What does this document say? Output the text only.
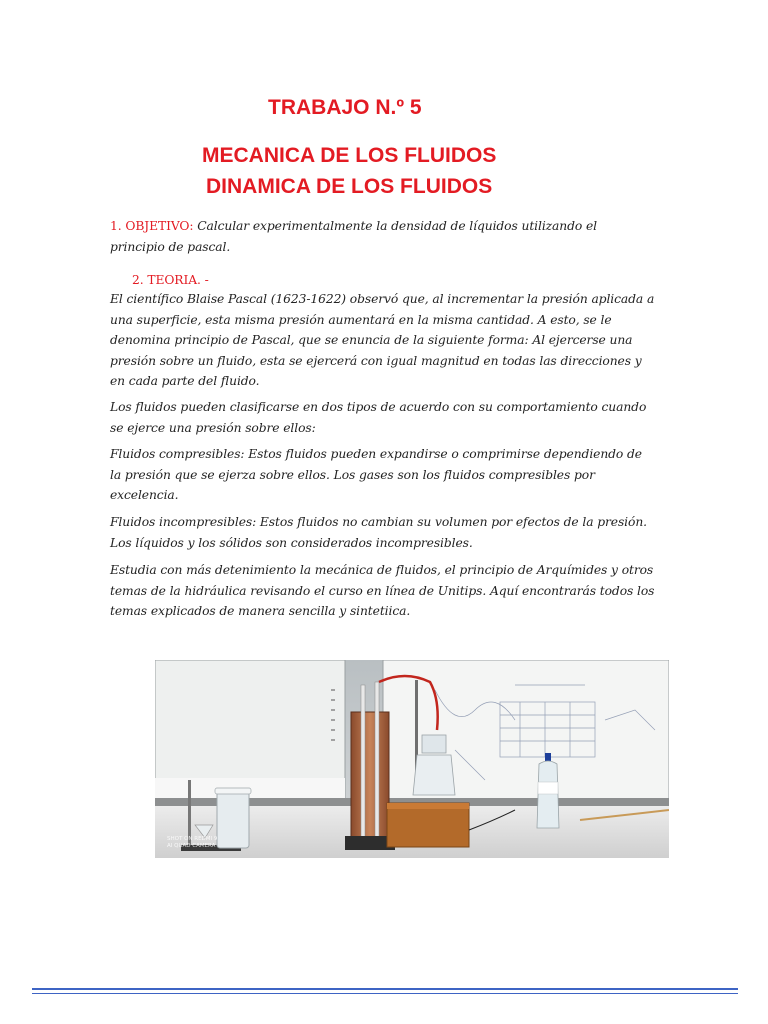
TRABAJO N.º 5
MECANICA DE LOS FLUIDOS
DINAMICA DE LOS FLUIDOS

1. OBJETIVO: Calcular experimentalmente la densidad de líquidos utilizando el principio de pascal.

2. TEORIA. -

El científico Blaise Pascal (1623-1622) observó que, al incrementar la presión aplicada a una superficie, esta misma presión aumentará en la misma cantidad. A esto, se le denomina principio de Pascal, que se enuncia de la siguiente forma: Al ejercerse una presión sobre un fluido, esta se ejercerá con igual magnitud en todas las direcciones y en cada parte del fluido.

Los fluidos pueden clasificarse en dos tipos de acuerdo con su comportamiento cuando se ejerce una presión sobre ellos:

Fluidos compresibles: Estos fluidos pueden expandirse o comprimirse dependiendo de la presión que se ejerza sobre ellos. Los gases son los fluidos compresibles por excelencia.

Fluidos incompresibles: Estos fluidos no cambian su volumen por efectos de la presión. Los líquidos y los sólidos son considerados incompresibles.

Estudia con más detenimiento la mecánica de fluidos, el principio de Arquímides y otros temas de la hidráulica revisando el curso en línea de Unitips. Aquí encontrarás todos los temas explicados de manera sencilla y sintetiica.

SHOT ON REDMI 9
AI QUAD CAMERA
